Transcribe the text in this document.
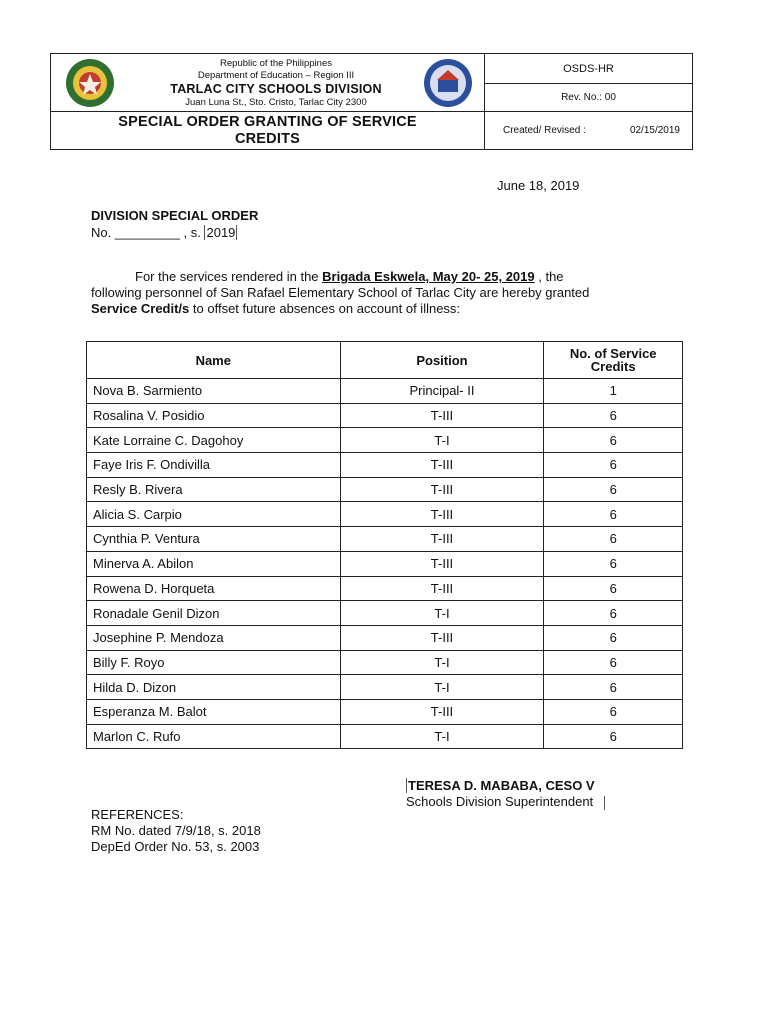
Republic of the Philippines
Department of Education – Region III
TARLAC CITY SCHOOLS DIVISION
Juan Luna St., Sto. Cristo, Tarlac City 2300
SPECIAL ORDER GRANTING OF SERVICE
CREDITS
OSDS-HR
Rev. No.: 00
Created/ Revised :	02/15/2019
June 18, 2019
DIVISION SPECIAL ORDER
No. _________ , s. 2019
For the services rendered in the Brigada Eskwela, May 20- 25, 2019 , the
following personnel of San Rafael Elementary School of Tarlac City are hereby granted
Service Credit/s to offset future absences on account of illness:
Name	Position	No. of Service Credits
Nova B. Sarmiento	Principal- II	1
Rosalina V. Posidio	T-III	6
Kate Lorraine C. Dagohoy	T-I	6
Faye Iris F. Ondivilla	T-III	6
Resly B. Rivera	T-III	6
Alicia S. Carpio	T-III	6
Cynthia P. Ventura	T-III	6
Minerva A. Abilon	T-III	6
Rowena D. Horqueta	T-III	6
Ronadale Genil Dizon	T-I	6
Josephine P. Mendoza	T-III	6
Billy F. Royo	T-I	6
Hilda D. Dizon	T-I	6
Esperanza M. Balot	T-III	6
Marlon C. Rufo	T-I	6
TERESA D. MABABA, CESO V
Schools Division Superintendent
REFERENCES:
RM No. dated 7/9/18, s. 2018
DepEd Order No. 53, s. 2003
